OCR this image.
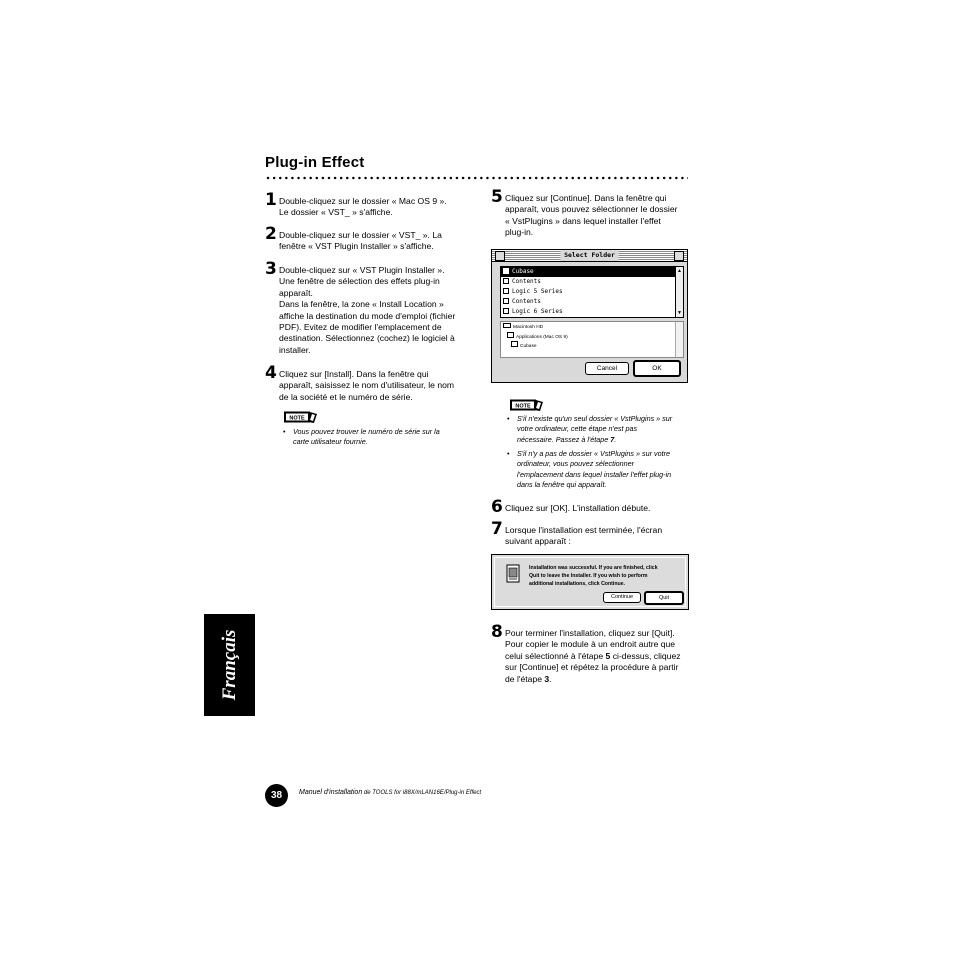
Plug-in Effect
1 Double-cliquez sur le dossier « Mac OS 9 ».
Le dossier « VST_ » s'affiche.
2 Double-cliquez sur le dossier « VST_ ». La
fenêtre « VST Plugin Installer » s'affiche.
3 Double-cliquez sur « VST Plugin Installer ».
Une fenêtre de sélection des effets plug-in
apparaît.
Dans la fenêtre, la zone « Install Location »
affiche la destination du mode d'emploi (fichier
PDF). Evitez de modifier l'emplacement de
destination. Sélectionnez (cochez) le logiciel à
installer.
4 Cliquez sur [Install]. Dans la fenêtre qui
apparaît, saisissez le nom d'utilisateur, le nom
de la société et le numéro de série.
NOTE
• Vous pouvez trouver le numéro de série sur la
carte utilisateur fournie.
5 Cliquez sur [Continue]. Dans la fenêtre qui
apparaît, vous pouvez sélectionner le dossier
« VstPlugins » dans lequel installer l'effet
plug-in.
Select Folder
▲
▼
Cubase
Contents
Logic 5 Series
Contents
Logic 6 Series
Macintosh HD
Applications (Mac OS 9)
Cubase
Cancel	OK
NOTE
• S'il n'existe qu'un seul dossier « VstPlugins » sur
votre ordinateur, cette étape n'est pas
nécessaire. Passez à l'étape 7.
• S'il n'y a pas de dossier « VstPlugins » sur votre
ordinateur, vous pouvez sélectionner
l'emplacement dans lequel installer l'effet plug-in
dans la fenêtre qui apparaît.
6 Cliquez sur [OK]. L'installation débute.
7 Lorsque l'installation est terminée, l'écran
suivant apparaît :
Installation was successful. If you are finished, click
Quit to leave the Installer. If you wish to perform
additional installations, click Continue.
Continue	Quit
8 Pour terminer l'installation, cliquez sur [Quit].
Pour copier le module à un endroit autre que
celui sélectionné à l'étape 5 ci-dessus, cliquez
sur [Continue] et répétez la procédure à partir
de l'étape 3.
Français
38	Manuel d'installation de TOOLS for i88X/mLAN16E/Plug-in Effect
